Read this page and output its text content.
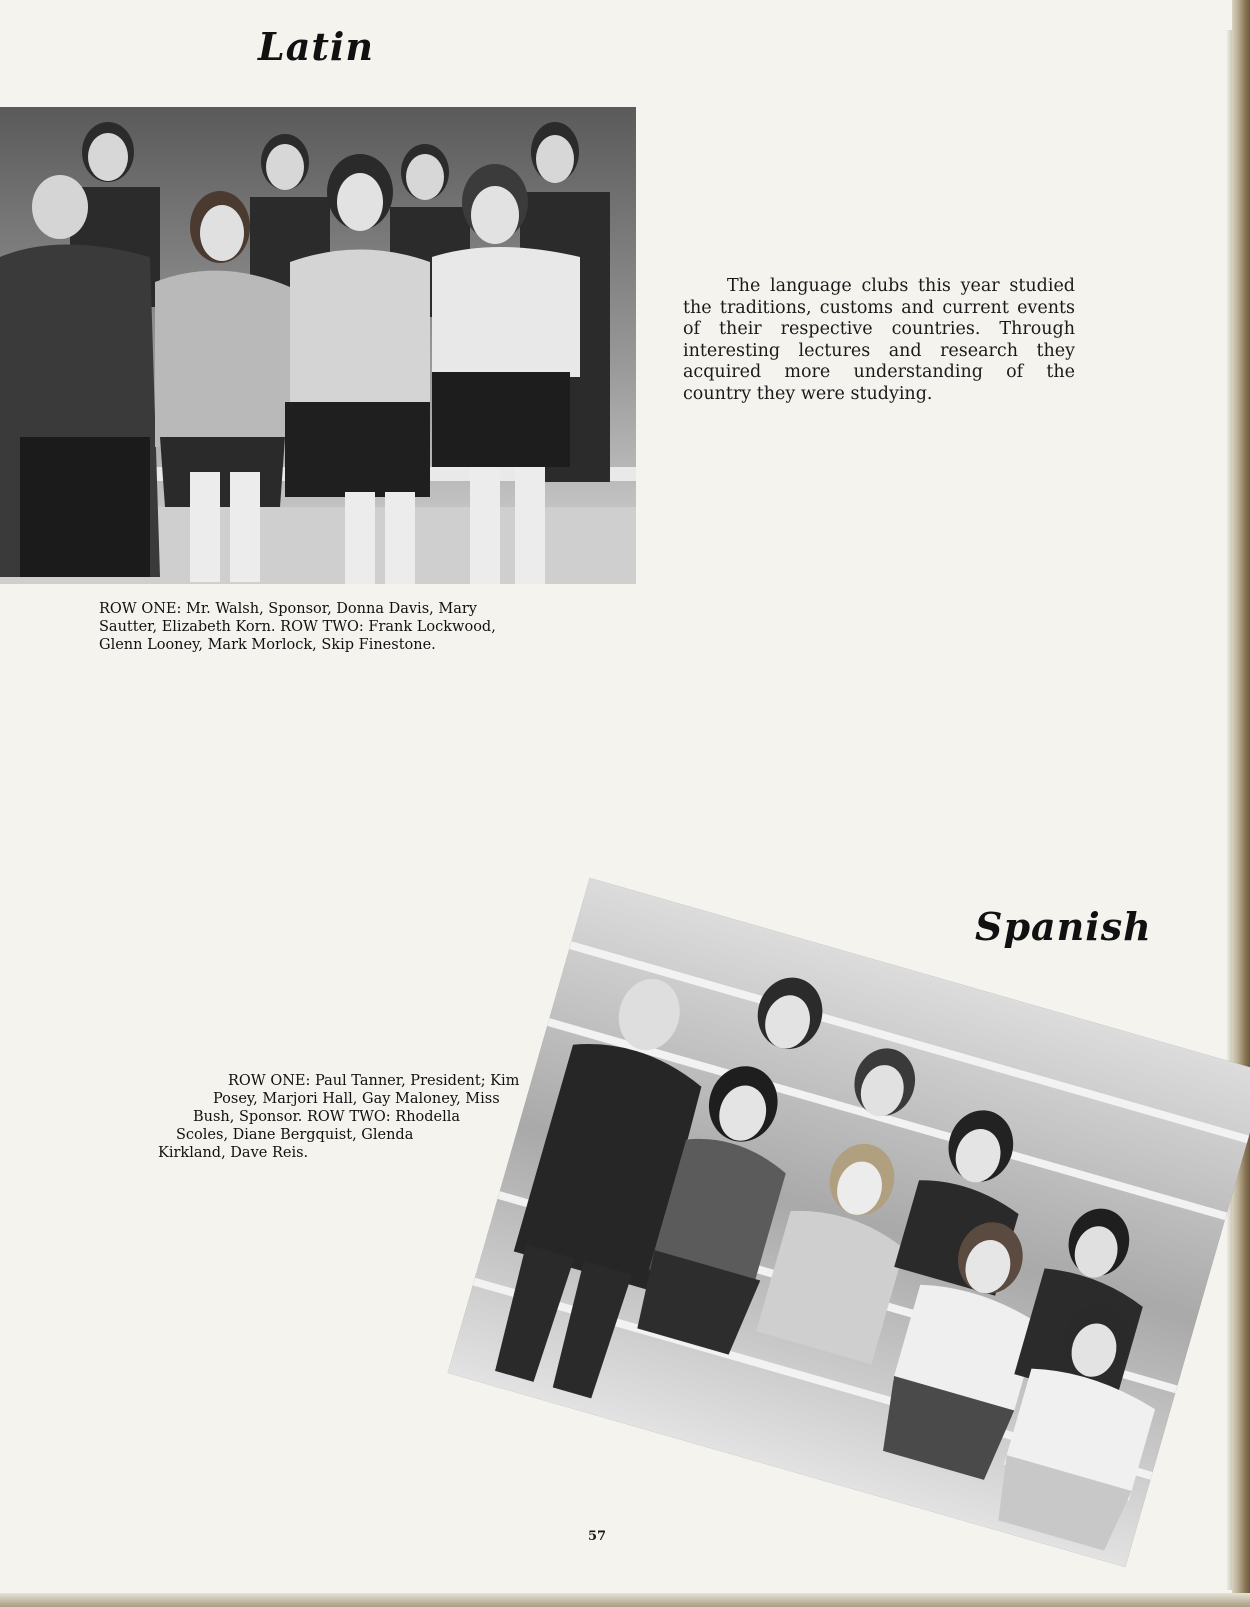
Latin
ROW ONE: Mr. Walsh, Sponsor, Donna Davis, Mary Sautter, Elizabeth Korn. ROW TWO: Frank Lockwood, Glenn Looney, Mark Morlock, Skip Finestone.
The language clubs this year studied the traditions, customs and current events of their respective countries. Through interesting lectures and research they acquired more understanding of the country they were studying.
Spanish
ROW ONE: Paul Tanner, President; Kim
Posey, Marjori Hall, Gay Maloney, Miss
Bush, Sponsor. ROW TWO: Rhodella
Scoles, Diane Bergquist, Glenda
Kirkland, Dave Reis.
57
